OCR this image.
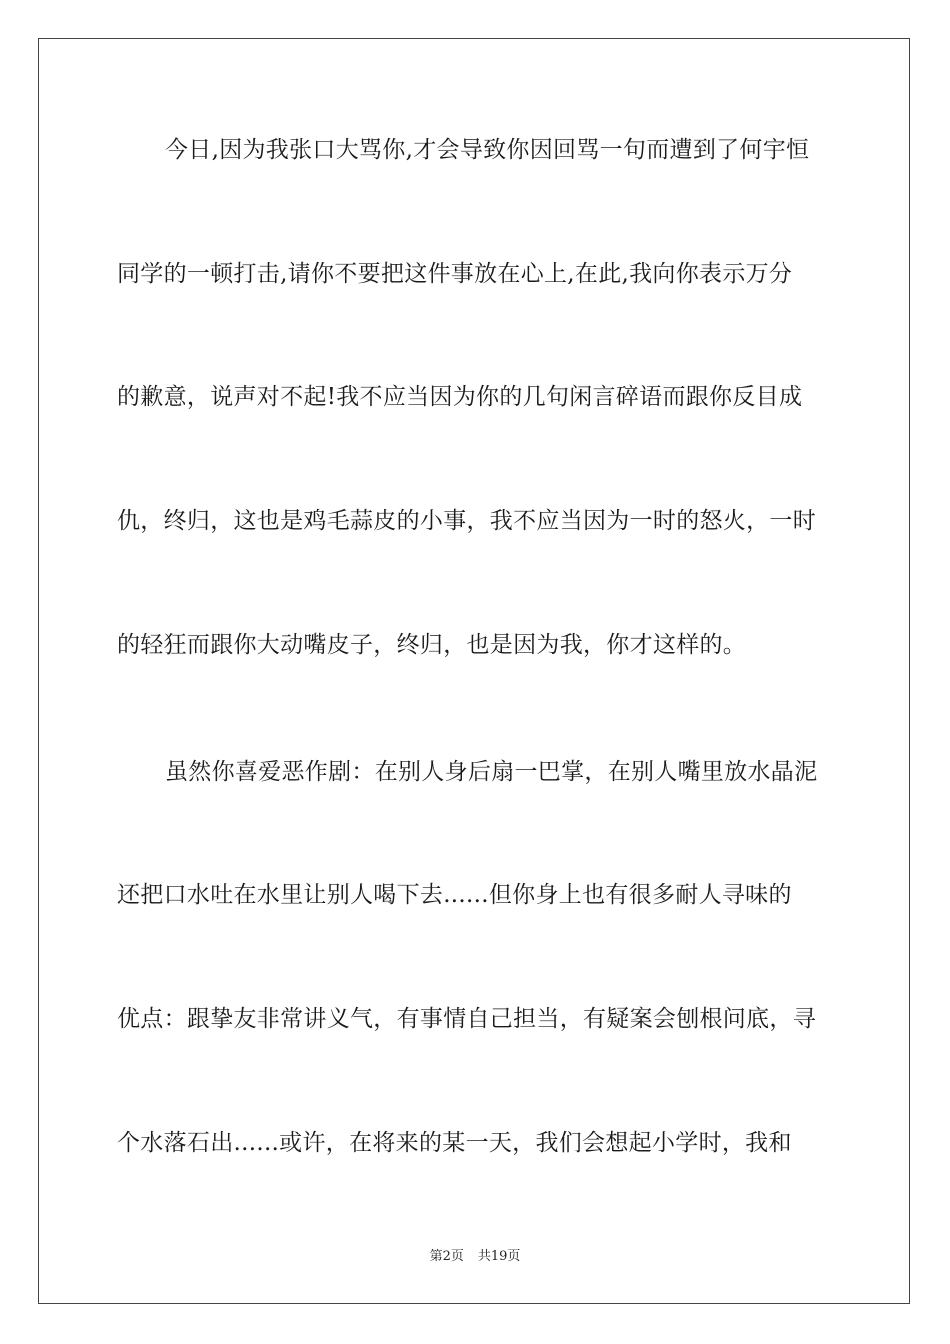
今日,因为我张口大骂你,才会导致你因回骂一句而遭到了何宇恒
同学的一顿打击,请你不要把这件事放在心上,在此,我向你表示万分
的歉意，说声对不起!我不应当因为你的几句闲言碎语而跟你反目成
仇，终归，这也是鸡毛蒜皮的小事，我不应当因为一时的怒火，一时
的轻狂而跟你大动嘴皮子，终归，也是因为我，你才这样的。
虽然你喜爱恶作剧：在别人身后扇一巴掌，在别人嘴里放水晶泥
还把口水吐在水里让别人喝下去......但你身上也有很多耐人寻味的
优点：跟挚友非常讲义气，有事情自己担当，有疑案会刨根问底，寻
个水落石出......或许，在将来的某一天，我们会想起小学时，我和
第2页 共19页
